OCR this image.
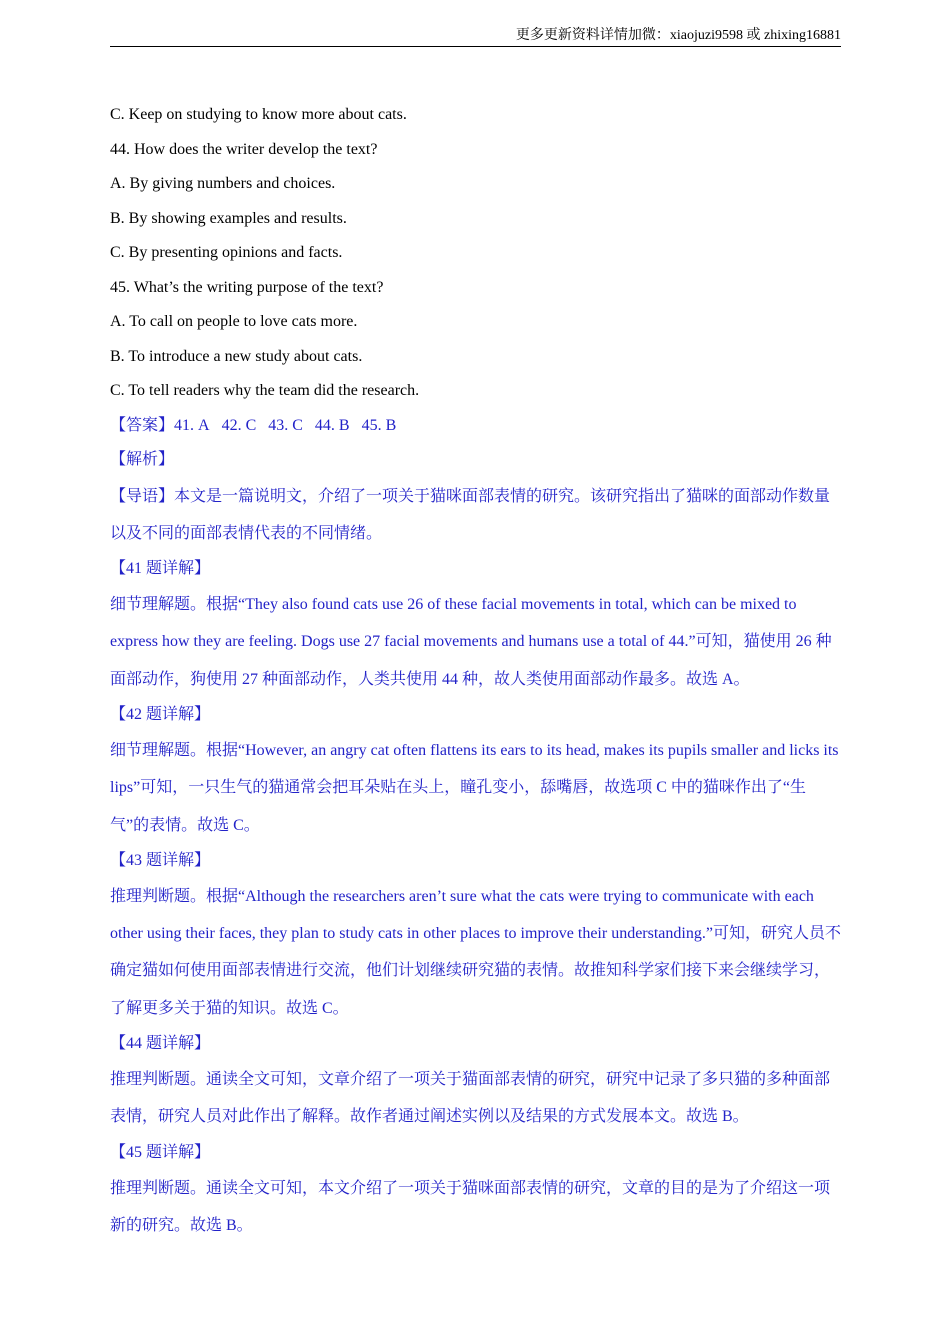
更多更新资料详情加微：xiaojuzi9598 或 zhixing16881
C. Keep on studying to know more about cats.
44. How does the writer develop the text?
A. By giving numbers and choices.
B. By showing examples and results.
C. By presenting opinions and facts.
45. What’s the writing purpose of the text?
A. To call on people to love cats more.
B. To introduce a new study about cats.
C. To tell readers why the team did the research.
【答案】41. A 42. C 43. C 44. B 45. B
【解析】

【导语】本文是一篇说明文，介绍了一项关于猫咪面部表情的研究。该研究指出了猫咪的面部动作数量以及不同的面部表情代表的不同情绪。

【41 题详解】

细节理解题。根据“They also found cats use 26 of these facial movements in total, which can be mixed to express how they are feeling. Dogs use 27 facial movements and humans use a total of 44.”可知，猫使用 26 种面部动作，狗使用 27 种面部动作，人类共使用 44 种，故人类使用面部动作最多。故选 A。

【42 题详解】

细节理解题。根据“However, an angry cat often flattens its ears to its head, makes its pupils smaller and licks its lips”可知，一只生气的猫通常会把耳朵贴在头上，瞳孔变小，舔嘴唇，故选项 C 中的猫咪作出了“生气”的表情。故选 C。

【43 题详解】

推理判断题。根据“Although the researchers aren’t sure what the cats were trying to communicate with each other using their faces, they plan to study cats in other places to improve their understanding.”可知，研究人员不确定猫如何使用面部表情进行交流，他们计划继续研究猫的表情。故推知科学家们接下来会继续学习，了解更多关于猫的知识。故选 C。

【44 题详解】

推理判断题。通读全文可知，文章介绍了一项关于猫面部表情的研究，研究中记录了多只猫的多种面部表情，研究人员对此作出了解释。故作者通过阐述实例以及结果的方式发展本文。故选 B。

【45 题详解】

推理判断题。通读全文可知，本文介绍了一项关于猫咪面部表情的研究，文章的目的是为了介绍这一项新的研究。故选 B。
